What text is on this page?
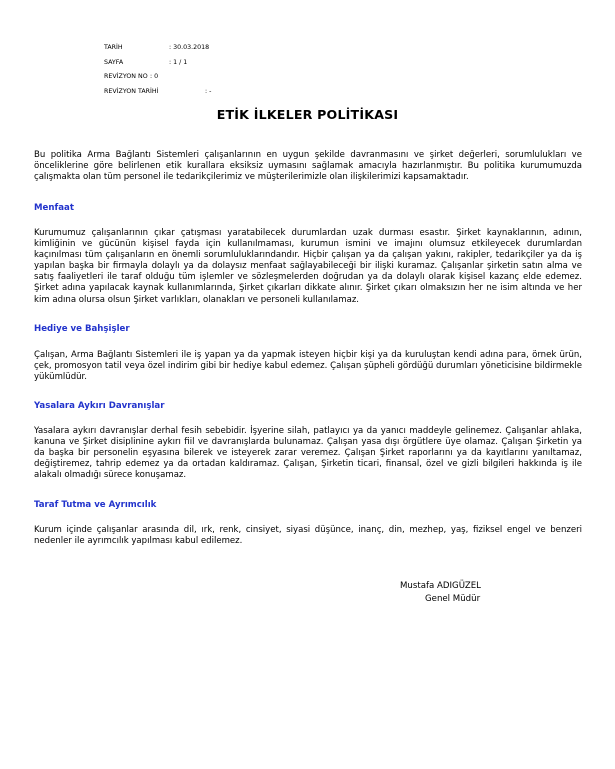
TARİH	: 30.03.2018
SAYFA	: 1 / 1
REVİZYON NO : 0
REVİZYON TARİHİ	: -
ETİK İLKELER POLİTİKASI

Bu politika Arma Bağlantı Sistemleri çalışanlarının en uygun şekilde davranmasını ve şirket değerleri, sorumlulukları ve önceliklerine göre belirlenen etik kurallara eksiksiz uymasını sağlamak amacıyla hazırlanmıştır. Bu politika kurumumuzda çalışmakta olan tüm personel ile tedarikçilerimiz ve müşterilerimizle olan ilişkilerimizi kapsamaktadır.

Menfaat

Kurumumuz çalışanlarının çıkar çatışması yaratabilecek durumlardan uzak durması esastır. Şirket kaynaklarının, adının, kimliğinin ve gücünün kişisel fayda için kullanılmaması, kurumun ismini ve imajını olumsuz etkileyecek durumlardan kaçınılması tüm çalışanların en önemli sorumluluklarındandır. Hiçbir çalışan ya da çalışan yakını, rakipler, tedarikçiler ya da iş yapılan başka bir firmayla dolaylı ya da dolaysız menfaat sağlayabileceği bir ilişki kuramaz. Çalışanlar şirketin satın alma ve satış faaliyetleri ile taraf olduğu tüm işlemler ve sözleşmelerden doğrudan ya da dolaylı olarak kişisel kazanç elde edemez. Şirket adına yapılacak kaynak kullanımlarında, Şirket çıkarları dikkate alınır. Şirket çıkarı olmaksızın her ne isim altında ve her kim adına olursa olsun Şirket varlıkları, olanakları ve personeli kullanılamaz.

Hediye ve Bahşişler

Çalışan, Arma Bağlantı Sistemleri ile iş yapan ya da yapmak isteyen hiçbir kişi ya da kuruluştan kendi adına para, örnek ürün, çek, promosyon tatil veya özel indirim gibi bir hediye kabul edemez. Çalışan şüpheli gördüğü durumları yöneticisine bildirmekle yükümlüdür.

Yasalara Aykırı Davranışlar

Yasalara aykırı davranışlar derhal fesih sebebidir. İşyerine silah, patlayıcı ya da yanıcı maddeyle gelinemez. Çalışanlar ahlaka, kanuna ve Şirket disiplinine aykırı fiil ve davranışlarda bulunamaz. Çalışan yasa dışı örgütlere üye olamaz. Çalışan Şirketin ya da başka bir personelin eşyasına bilerek ve isteyerek zarar veremez. Çalışan Şirket raporlarını ya da kayıtlarını yanıltamaz, değiştiremez, tahrip edemez ya da ortadan kaldıramaz. Çalışan, Şirketin ticari, finansal, özel ve gizli bilgileri hakkında iş ile alakalı olmadığı sürece konuşamaz.

Taraf Tutma ve Ayrımcılık

Kurum içinde çalışanlar arasında dil, ırk, renk, cinsiyet, siyasi düşünce, inanç, din, mezhep, yaş, fiziksel engel ve benzeri nedenler ile ayrımcılık yapılması kabul edilemez.

Mustafa ADIGÜZEL
Genel Müdür
